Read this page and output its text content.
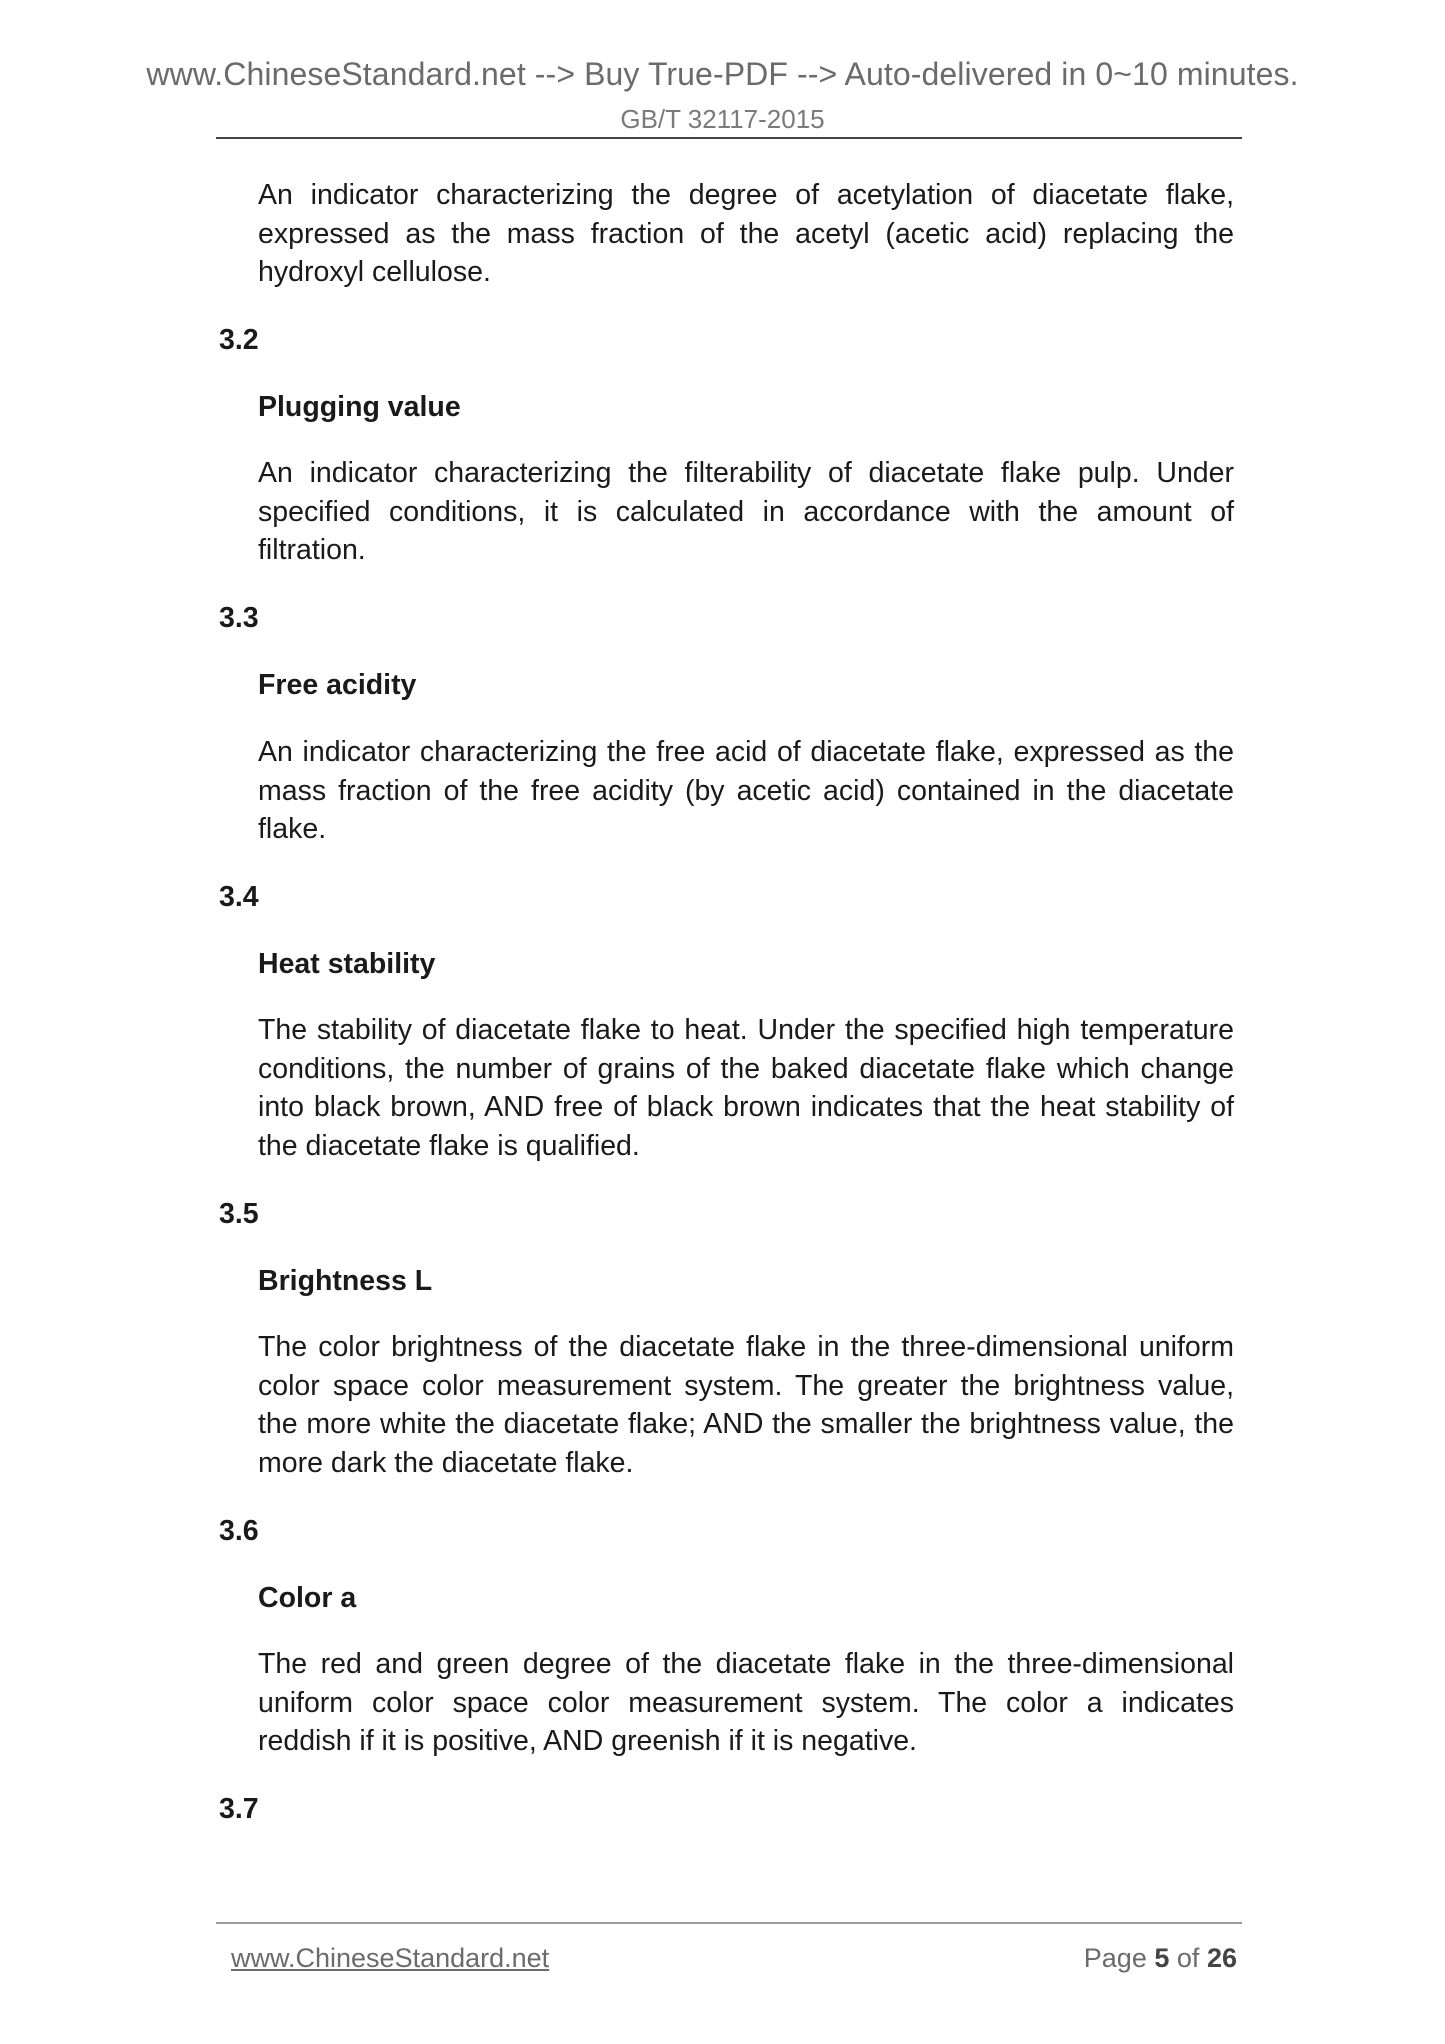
www.ChineseStandard.net --> Buy True-PDF --> Auto-delivered in 0~10 minutes.
GB/T 32117-2015
An indicator characterizing the degree of acetylation of diacetate flake, expressed as the mass fraction of the acetyl (acetic acid) replacing the hydroxyl cellulose.
3.2
Plugging value
An indicator characterizing the filterability of diacetate flake pulp. Under specified conditions, it is calculated in accordance with the amount of filtration.
3.3
Free acidity
An indicator characterizing the free acid of diacetate flake, expressed as the mass fraction of the free acidity (by acetic acid) contained in the diacetate flake.
3.4
Heat stability
The stability of diacetate flake to heat. Under the specified high temperature conditions, the number of grains of the baked diacetate flake which change into black brown, AND free of black brown indicates that the heat stability of the diacetate flake is qualified.
3.5
Brightness L
The color brightness of the diacetate flake in the three-dimensional uniform color space color measurement system. The greater the brightness value, the more white the diacetate flake; AND the smaller the brightness value, the more dark the diacetate flake.
3.6
Color a
The red and green degree of the diacetate flake in the three-dimensional uniform color space color measurement system. The color a indicates reddish if it is positive, AND greenish if it is negative.
3.7
www.ChineseStandard.net	Page 5 of 26
